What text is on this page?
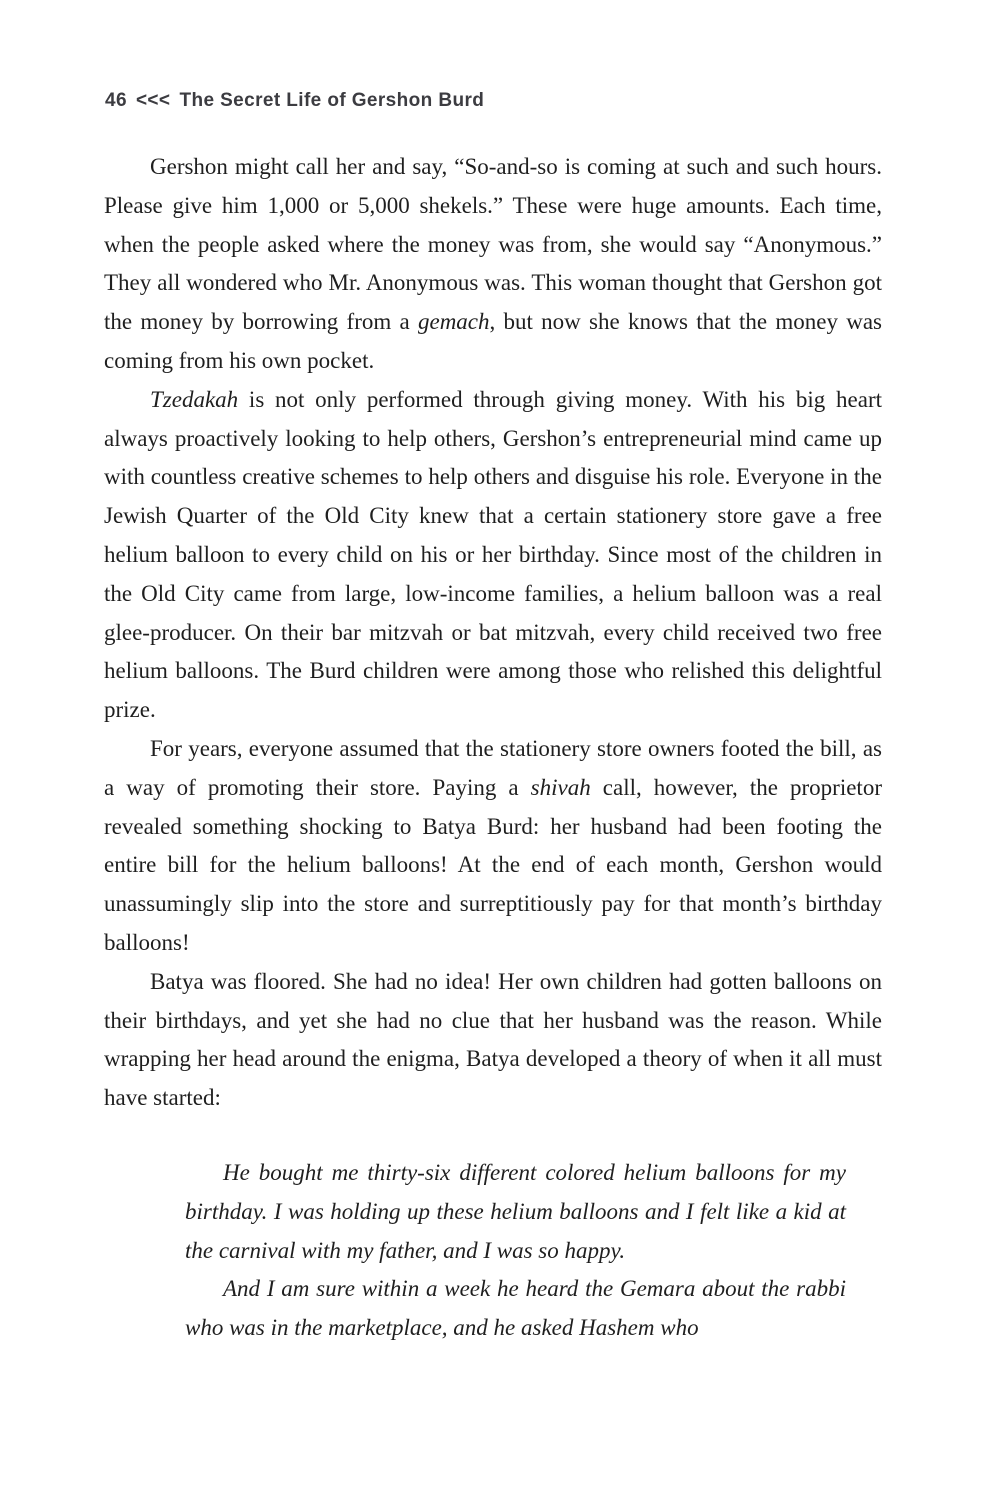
46 <<< The Secret Life of Gershon Burd

Gershon might call her and say, “So-and-so is coming at such and such hours. Please give him 1,000 or 5,000 shekels.” These were huge amounts. Each time, when the people asked where the money was from, she would say “Anonymous.” They all wondered who Mr. Anonymous was. This woman thought that Gershon got the money by borrowing from a gemach, but now she knows that the money was coming from his own pocket.

Tzedakah is not only performed through giving money. With his big heart always proactively looking to help others, Gershon’s entrepreneurial mind came up with countless creative schemes to help others and disguise his role. Everyone in the Jewish Quarter of the Old City knew that a certain stationery store gave a free helium balloon to every child on his or her birthday. Since most of the children in the Old City came from large, low-income families, a helium balloon was a real glee-producer. On their bar mitzvah or bat mitzvah, every child received two free helium balloons. The Burd children were among those who relished this delightful prize.

For years, everyone assumed that the stationery store owners footed the bill, as a way of promoting their store. Paying a shivah call, however, the proprietor revealed something shocking to Batya Burd: her husband had been footing the entire bill for the helium balloons! At the end of each month, Gershon would unassumingly slip into the store and surreptitiously pay for that month’s birthday balloons!

Batya was floored. She had no idea! Her own children had gotten balloons on their birthdays, and yet she had no clue that her husband was the reason. While wrapping her head around the enigma, Batya developed a theory of when it all must have started:

He bought me thirty-six different colored helium balloons for my birthday. I was holding up these helium balloons and I felt like a kid at the carnival with my father, and I was so happy.

And I am sure within a week he heard the Gemara about the rabbi who was in the marketplace, and he asked Hashem who
